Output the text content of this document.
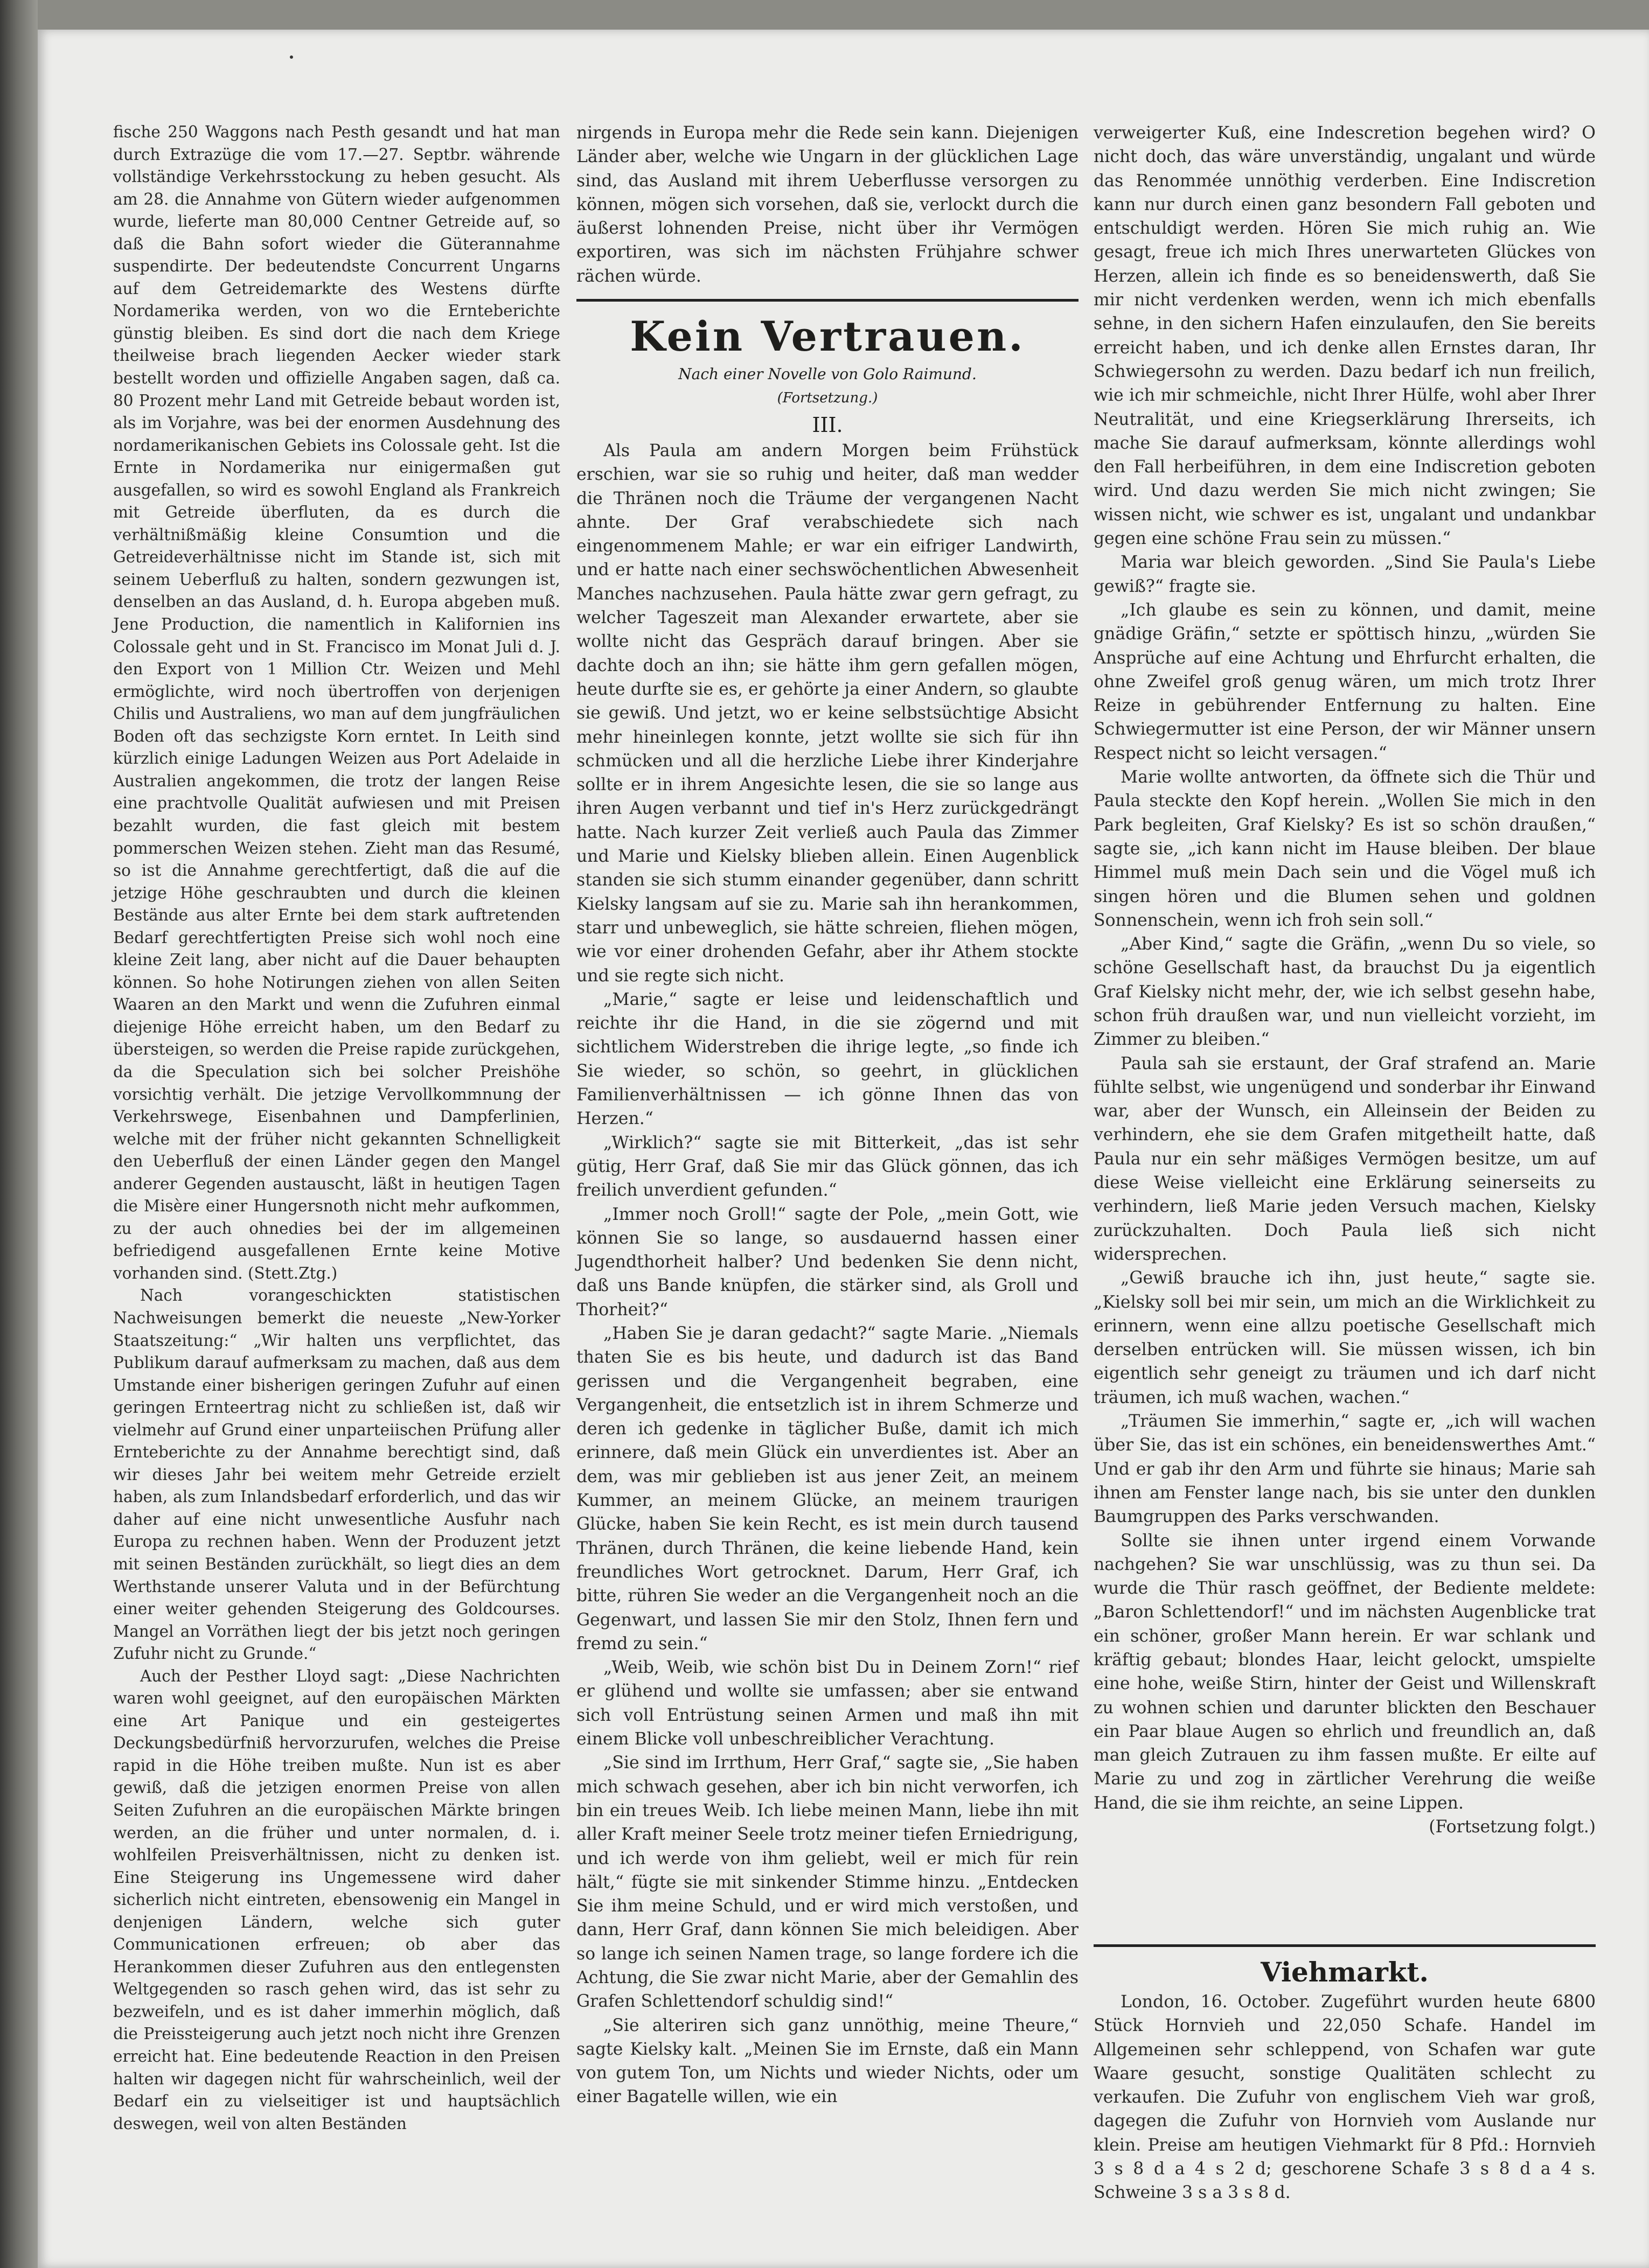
fische 250 Waggons nach Pesth gesandt und hat man durch Extrazüge die vom 17.—27. Septbr. währende vollständige Verkehrsstockung zu heben gesucht. Als am 28. die Annahme von Gütern wieder aufgenommen wurde, lieferte man 80,000 Centner Getreide auf, so daß die Bahn sofort wieder die Güterannahme suspendirte. Der bedeutendste Concurrent Ungarns auf dem Getreidemarkte des Westens dürfte Nordamerika werden, von wo die Ernteberichte günstig bleiben. Es sind dort die nach dem Kriege theilweise brach liegenden Aecker wieder stark bestellt worden und offizielle Angaben sagen, daß ca. 80 Prozent mehr Land mit Getreide bebaut worden ist, als im Vorjahre, was bei der enormen Ausdehnung des nordamerikanischen Gebiets ins Colossale geht. Ist die Ernte in Nordamerika nur einigermaßen gut ausgefallen, so wird es sowohl England als Frankreich mit Getreide überfluten, da es durch die verhältnißmäßig kleine Consumtion und die Getreideverhältnisse nicht im Stande ist, sich mit seinem Ueberfluß zu halten, sondern gezwungen ist, denselben an das Ausland, d. h. Europa abgeben muß. Jene Production, die namentlich in Kalifornien ins Colossale geht und in St. Francisco im Monat Juli d. J. den Export von 1 Million Ctr. Weizen und Mehl ermöglichte, wird noch übertroffen von derjenigen Chilis und Australiens, wo man auf dem jungfräulichen Boden oft das sechzigste Korn erntet. In Leith sind kürzlich einige Ladungen Weizen aus Port Adelaide in Australien angekommen, die trotz der langen Reise eine prachtvolle Qualität aufwiesen und mit Preisen bezahlt wurden, die fast gleich mit bestem pommerschen Weizen stehen. Zieht man das Resumé, so ist die Annahme gerechtfertigt, daß die auf die jetzige Höhe geschraubten und durch die kleinen Bestände aus alter Ernte bei dem stark auftretenden Bedarf gerechtfertigten Preise sich wohl noch eine kleine Zeit lang, aber nicht auf die Dauer behaupten können. So hohe Notirungen ziehen von allen Seiten Waaren an den Markt und wenn die Zufuhren einmal diejenige Höhe erreicht haben, um den Bedarf zu übersteigen, so werden die Preise rapide zurückgehen, da die Speculation sich bei solcher Preishöhe vorsichtig verhält. Die jetzige Vervollkommnung der Verkehrswege, Eisenbahnen und Dampferlinien, welche mit der früher nicht gekannten Schnelligkeit den Ueberfluß der einen Länder gegen den Mangel anderer Gegenden austauscht, läßt in heutigen Tagen die Misère einer Hungersnoth nicht mehr aufkommen, zu der auch ohnedies bei der im allgemeinen befriedigend ausgefallenen Ernte keine Motive vorhanden sind. (Stett.Ztg.)

Nach vorangeschickten statistischen Nachweisungen bemerkt die neueste „New-Yorker Staatszeitung:“ „Wir halten uns verpflichtet, das Publikum darauf aufmerksam zu machen, daß aus dem Umstande einer bisherigen geringen Zufuhr auf einen geringen Ernteertrag nicht zu schließen ist, daß wir vielmehr auf Grund einer unparteiischen Prüfung aller Ernteberichte zu der Annahme berechtigt sind, daß wir dieses Jahr bei weitem mehr Getreide erzielt haben, als zum Inlandsbedarf erforderlich, und das wir daher auf eine nicht unwesentliche Ausfuhr nach Europa zu rechnen haben. Wenn der Produzent jetzt mit seinen Beständen zurückhält, so liegt dies an dem Werthstande unserer Valuta und in der Befürchtung einer weiter gehenden Steigerung des Goldcourses. Mangel an Vorräthen liegt der bis jetzt noch geringen Zufuhr nicht zu Grunde.“

Auch der Pesther Lloyd sagt: „Diese Nachrichten waren wohl geeignet, auf den europäischen Märkten eine Art Panique und ein gesteigertes Deckungsbedürfniß hervorzurufen, welches die Preise rapid in die Höhe treiben mußte. Nun ist es aber gewiß, daß die jetzigen enormen Preise von allen Seiten Zufuhren an die europäischen Märkte bringen werden, an die früher und unter normalen, d. i. wohlfeilen Preisverhältnissen, nicht zu denken ist. Eine Steigerung ins Ungemessene wird daher sicherlich nicht eintreten, ebensowenig ein Mangel in denjenigen Ländern, welche sich guter Communicationen erfreuen; ob aber das Herankommen dieser Zufuhren aus den entlegensten Weltgegenden so rasch gehen wird, das ist sehr zu bezweifeln, und es ist daher immerhin möglich, daß die Preissteigerung auch jetzt noch nicht ihre Grenzen erreicht hat. Eine bedeutende Reaction in den Preisen halten wir dagegen nicht für wahrscheinlich, weil der Bedarf ein zu vielseitiger ist und hauptsächlich deswegen, weil von alten Beständen

nirgends in Europa mehr die Rede sein kann. Diejenigen Länder aber, welche wie Ungarn in der glücklichen Lage sind, das Ausland mit ihrem Ueberflusse versorgen zu können, mögen sich vorsehen, daß sie, verlockt durch die äußerst lohnenden Preise, nicht über ihr Vermögen exportiren, was sich im nächsten Frühjahre schwer rächen würde.

Kein Vertrauen.
Nach einer Novelle von Golo Raimund.
(Fortsetzung.)
III.

Als Paula am andern Morgen beim Frühstück erschien, war sie so ruhig und heiter, daß man wedder die Thränen noch die Träume der vergangenen Nacht ahnte. Der Graf verabschiedete sich nach eingenommenem Mahle; er war ein eifriger Landwirth, und er hatte nach einer sechswöchentlichen Abwesenheit Manches nachzusehen. Paula hätte zwar gern gefragt, zu welcher Tageszeit man Alexander erwartete, aber sie wollte nicht das Gespräch darauf bringen. Aber sie dachte doch an ihn; sie hätte ihm gern gefallen mögen, heute durfte sie es, er gehörte ja einer Andern, so glaubte sie gewiß. Und jetzt, wo er keine selbstsüchtige Absicht mehr hineinlegen konnte, jetzt wollte sie sich für ihn schmücken und all die herzliche Liebe ihrer Kinderjahre sollte er in ihrem Angesichte lesen, die sie so lange aus ihren Augen verbannt und tief in's Herz zurückgedrängt hatte. Nach kurzer Zeit verließ auch Paula das Zimmer und Marie und Kielsky blieben allein. Einen Augenblick standen sie sich stumm einander gegenüber, dann schritt Kielsky langsam auf sie zu. Marie sah ihn herankommen, starr und unbeweglich, sie hätte schreien, fliehen mögen, wie vor einer drohenden Gefahr, aber ihr Athem stockte und sie regte sich nicht.

„Marie,“ sagte er leise und leidenschaftlich und reichte ihr die Hand, in die sie zögernd und mit sichtlichem Widerstreben die ihrige legte, „so finde ich Sie wieder, so schön, so geehrt, in glücklichen Familienverhältnissen — ich gönne Ihnen das von Herzen.“

„Wirklich?“ sagte sie mit Bitterkeit, „das ist sehr gütig, Herr Graf, daß Sie mir das Glück gönnen, das ich freilich unverdient gefunden.“

„Immer noch Groll!“ sagte der Pole, „mein Gott, wie können Sie so lange, so ausdauernd hassen einer Jugendthorheit halber? Und bedenken Sie denn nicht, daß uns Bande knüpfen, die stärker sind, als Groll und Thorheit?“

„Haben Sie je daran gedacht?“ sagte Marie. „Niemals thaten Sie es bis heute, und dadurch ist das Band gerissen und die Vergangenheit begraben, eine Vergangenheit, die entsetzlich ist in ihrem Schmerze und deren ich gedenke in täglicher Buße, damit ich mich erinnere, daß mein Glück ein unverdientes ist. Aber an dem, was mir geblieben ist aus jener Zeit, an meinem Kummer, an meinem Glücke, an meinem traurigen Glücke, haben Sie kein Recht, es ist mein durch tausend Thränen, durch Thränen, die keine liebende Hand, kein freundliches Wort getrocknet. Darum, Herr Graf, ich bitte, rühren Sie weder an die Vergangenheit noch an die Gegenwart, und lassen Sie mir den Stolz, Ihnen fern und fremd zu sein.“

„Weib, Weib, wie schön bist Du in Deinem Zorn!“ rief er glühend und wollte sie umfassen; aber sie entwand sich voll Entrüstung seinen Armen und maß ihn mit einem Blicke voll unbeschreiblicher Verachtung.

„Sie sind im Irrthum, Herr Graf,“ sagte sie, „Sie haben mich schwach gesehen, aber ich bin nicht verworfen, ich bin ein treues Weib. Ich liebe meinen Mann, liebe ihn mit aller Kraft meiner Seele trotz meiner tiefen Erniedrigung, und ich werde von ihm geliebt, weil er mich für rein hält,“ fügte sie mit sinkender Stimme hinzu. „Entdecken Sie ihm meine Schuld, und er wird mich verstoßen, und dann, Herr Graf, dann können Sie mich beleidigen. Aber so lange ich seinen Namen trage, so lange fordere ich die Achtung, die Sie zwar nicht Marie, aber der Gemahlin des Grafen Schlettendorf schuldig sind!“

„Sie alteriren sich ganz unnöthig, meine Theure,“ sagte Kielsky kalt. „Meinen Sie im Ernste, daß ein Mann von gutem Ton, um Nichts und wieder Nichts, oder um einer Bagatelle willen, wie ein

verweigerter Kuß, eine Indescretion begehen wird? O nicht doch, das wäre unverständig, ungalant und würde das Renommée unnöthig verderben. Eine Indiscretion kann nur durch einen ganz besondern Fall geboten und entschuldigt werden. Hören Sie mich ruhig an. Wie gesagt, freue ich mich Ihres unerwarteten Glückes von Herzen, allein ich finde es so beneidenswerth, daß Sie mir nicht verdenken werden, wenn ich mich ebenfalls sehne, in den sichern Hafen einzulaufen, den Sie bereits erreicht haben, und ich denke allen Ernstes daran, Ihr Schwiegersohn zu werden. Dazu bedarf ich nun freilich, wie ich mir schmeichle, nicht Ihrer Hülfe, wohl aber Ihrer Neutralität, und eine Kriegserklärung Ihrerseits, ich mache Sie darauf aufmerksam, könnte allerdings wohl den Fall herbeiführen, in dem eine Indiscretion geboten wird. Und dazu werden Sie mich nicht zwingen; Sie wissen nicht, wie schwer es ist, ungalant und undankbar gegen eine schöne Frau sein zu müssen.“

Maria war bleich geworden. „Sind Sie Paula's Liebe gewiß?“ fragte sie.

„Ich glaube es sein zu können, und damit, meine gnädige Gräfin,“ setzte er spöttisch hinzu, „würden Sie Ansprüche auf eine Achtung und Ehrfurcht erhalten, die ohne Zweifel groß genug wären, um mich trotz Ihrer Reize in gebührender Entfernung zu halten. Eine Schwiegermutter ist eine Person, der wir Männer unsern Respect nicht so leicht versagen.“

Marie wollte antworten, da öffnete sich die Thür und Paula steckte den Kopf herein. „Wollen Sie mich in den Park begleiten, Graf Kielsky? Es ist so schön draußen,“ sagte sie, „ich kann nicht im Hause bleiben. Der blaue Himmel muß mein Dach sein und die Vögel muß ich singen hören und die Blumen sehen und goldnen Sonnenschein, wenn ich froh sein soll.“

„Aber Kind,“ sagte die Gräfin, „wenn Du so viele, so schöne Gesellschaft hast, da brauchst Du ja eigentlich Graf Kielsky nicht mehr, der, wie ich selbst gesehn habe, schon früh draußen war, und nun vielleicht vorzieht, im Zimmer zu bleiben.“

Paula sah sie erstaunt, der Graf strafend an. Marie fühlte selbst, wie ungenügend und sonderbar ihr Einwand war, aber der Wunsch, ein Alleinsein der Beiden zu verhindern, ehe sie dem Grafen mitgetheilt hatte, daß Paula nur ein sehr mäßiges Vermögen besitze, um auf diese Weise vielleicht eine Erklärung seinerseits zu verhindern, ließ Marie jeden Versuch machen, Kielsky zurückzuhalten. Doch Paula ließ sich nicht widersprechen.

„Gewiß brauche ich ihn, just heute,“ sagte sie. „Kielsky soll bei mir sein, um mich an die Wirklichkeit zu erinnern, wenn eine allzu poetische Gesellschaft mich derselben entrücken will. Sie müssen wissen, ich bin eigentlich sehr geneigt zu träumen und ich darf nicht träumen, ich muß wachen, wachen.“

„Träumen Sie immerhin,“ sagte er, „ich will wachen über Sie, das ist ein schönes, ein beneidenswerthes Amt.“ Und er gab ihr den Arm und führte sie hinaus; Marie sah ihnen am Fenster lange nach, bis sie unter den dunklen Baumgruppen des Parks verschwanden.

Sollte sie ihnen unter irgend einem Vorwande nachgehen? Sie war unschlüssig, was zu thun sei. Da wurde die Thür rasch geöffnet, der Bediente meldete: „Baron Schlettendorf!“ und im nächsten Augenblicke trat ein schöner, großer Mann herein. Er war schlank und kräftig gebaut; blondes Haar, leicht gelockt, umspielte eine hohe, weiße Stirn, hinter der Geist und Willenskraft zu wohnen schien und darunter blickten den Beschauer ein Paar blaue Augen so ehrlich und freundlich an, daß man gleich Zutrauen zu ihm fassen mußte. Er eilte auf Marie zu und zog in zärtlicher Verehrung die weiße Hand, die sie ihm reichte, an seine Lippen.

(Fortsetzung folgt.)

Viehmarkt.

London, 16. October. Zugeführt wurden heute 6800 Stück Hornvieh und 22,050 Schafe. Handel im Allgemeinen sehr schleppend, von Schafen war gute Waare gesucht, sonstige Qualitäten schlecht zu verkaufen. Die Zufuhr von englischem Vieh war groß, dagegen die Zufuhr von Hornvieh vom Auslande nur klein. Preise am heutigen Viehmarkt für 8 Pfd.: Hornvieh 3 s 8 d a 4 s 2 d; geschorene Schafe 3 s 8 d a 4 s. Schweine 3 s a 3 s 8 d.
